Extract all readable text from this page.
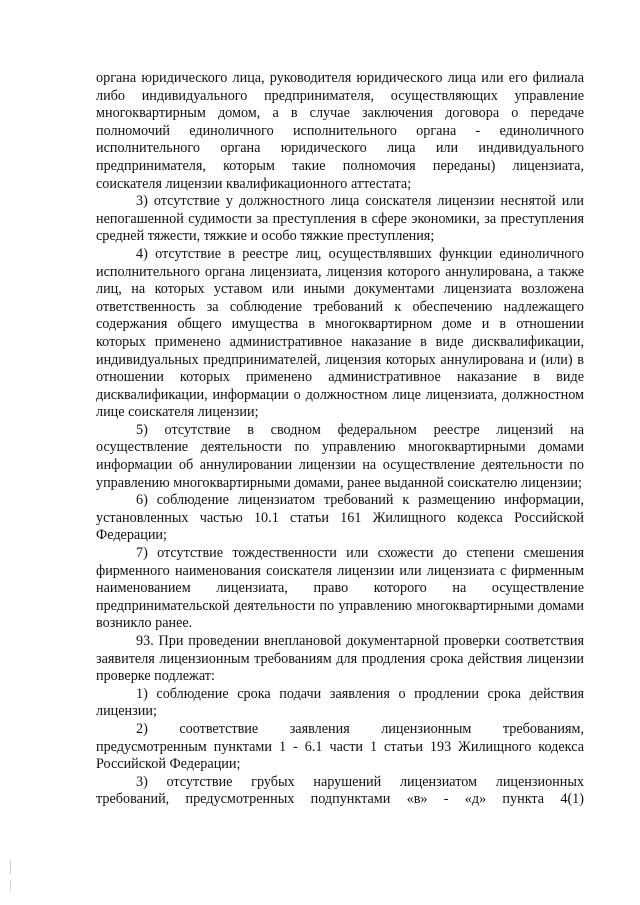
органа юридического лица, руководителя юридического лица или его филиала либо индивидуального предпринимателя, осуществляющих управление многоквартирным домом, а в случае заключения договора о передаче полномочий единоличного исполнительного органа - единоличного исполнительного органа юридического лица или индивидуального предпринимателя, которым такие полномочия переданы) лицензиата, соискателя лицензии квалификационного аттестата;

3) отсутствие у должностного лица соискателя лицензии неснятой или непогашенной судимости за преступления в сфере экономики, за преступления средней тяжести, тяжкие и особо тяжкие преступления;

4) отсутствие в реестре лиц, осуществлявших функции единоличного исполнительного органа лицензиата, лицензия которого аннулирована, а также лиц, на которых уставом или иными документами лицензиата возложена ответственность за соблюдение требований к обеспечению надлежащего содержания общего имущества в многоквартирном доме и в отношении которых применено административное наказание в виде дисквалификации, индивидуальных предпринимателей, лицензия которых аннулирована и (или) в отношении которых применено административное наказание в виде дисквалификации, информации о должностном лице лицензиата, должностном лице соискателя лицензии;

5) отсутствие в сводном федеральном реестре лицензий на осуществление деятельности по управлению многоквартирными домами информации об аннулировании лицензии на осуществление деятельности по управлению многоквартирными домами, ранее выданной соискателю лицензии;

6) соблюдение лицензиатом требований к размещению информации, установленных частью 10.1 статьи 161 Жилищного кодекса Российской Федерации;

7) отсутствие тождественности или схожести до степени смешения фирменного наименования соискателя лицензии или лицензиата с фирменным наименованием лицензиата, право которого на осуществление предпринимательской деятельности по управлению многоквартирными домами возникло ранее.

93. При проведении внеплановой документарной проверки соответствия заявителя лицензионным требованиям для продления срока действия лицензии проверке подлежат:

1) соблюдение срока подачи заявления о продлении срока действия лицензии;

2) соответствие заявления лицензионным требованиям, предусмотренным пунктами 1 - 6.1 части 1 статьи 193 Жилищного кодекса Российской Федерации;

3) отсутствие грубых нарушений лицензиатом лицензионных требований, предусмотренных подпунктами «в» - «д» пункта 4(1)
